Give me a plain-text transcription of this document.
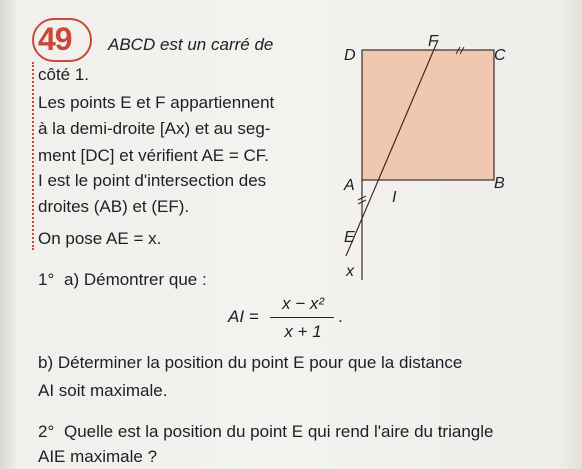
49 ABCD est un carré de
côté 1.
Les points E et F appartiennent
à la demi-droite [Ax) et au seg-
ment [DC] et vérifient AE = CF.
I est le point d'intersection des
droites (AB) et (EF).
On pose AE = x.
1° a) Démontrer que :
AI =
x − x²
x + 1
.
b) Déterminer la position du point E pour que la distance
AI soit maximale.
2° Quelle est la position du point E qui rend l'aire du triangle
AIE maximale ?
D
F
C
A	B
I
E
x
